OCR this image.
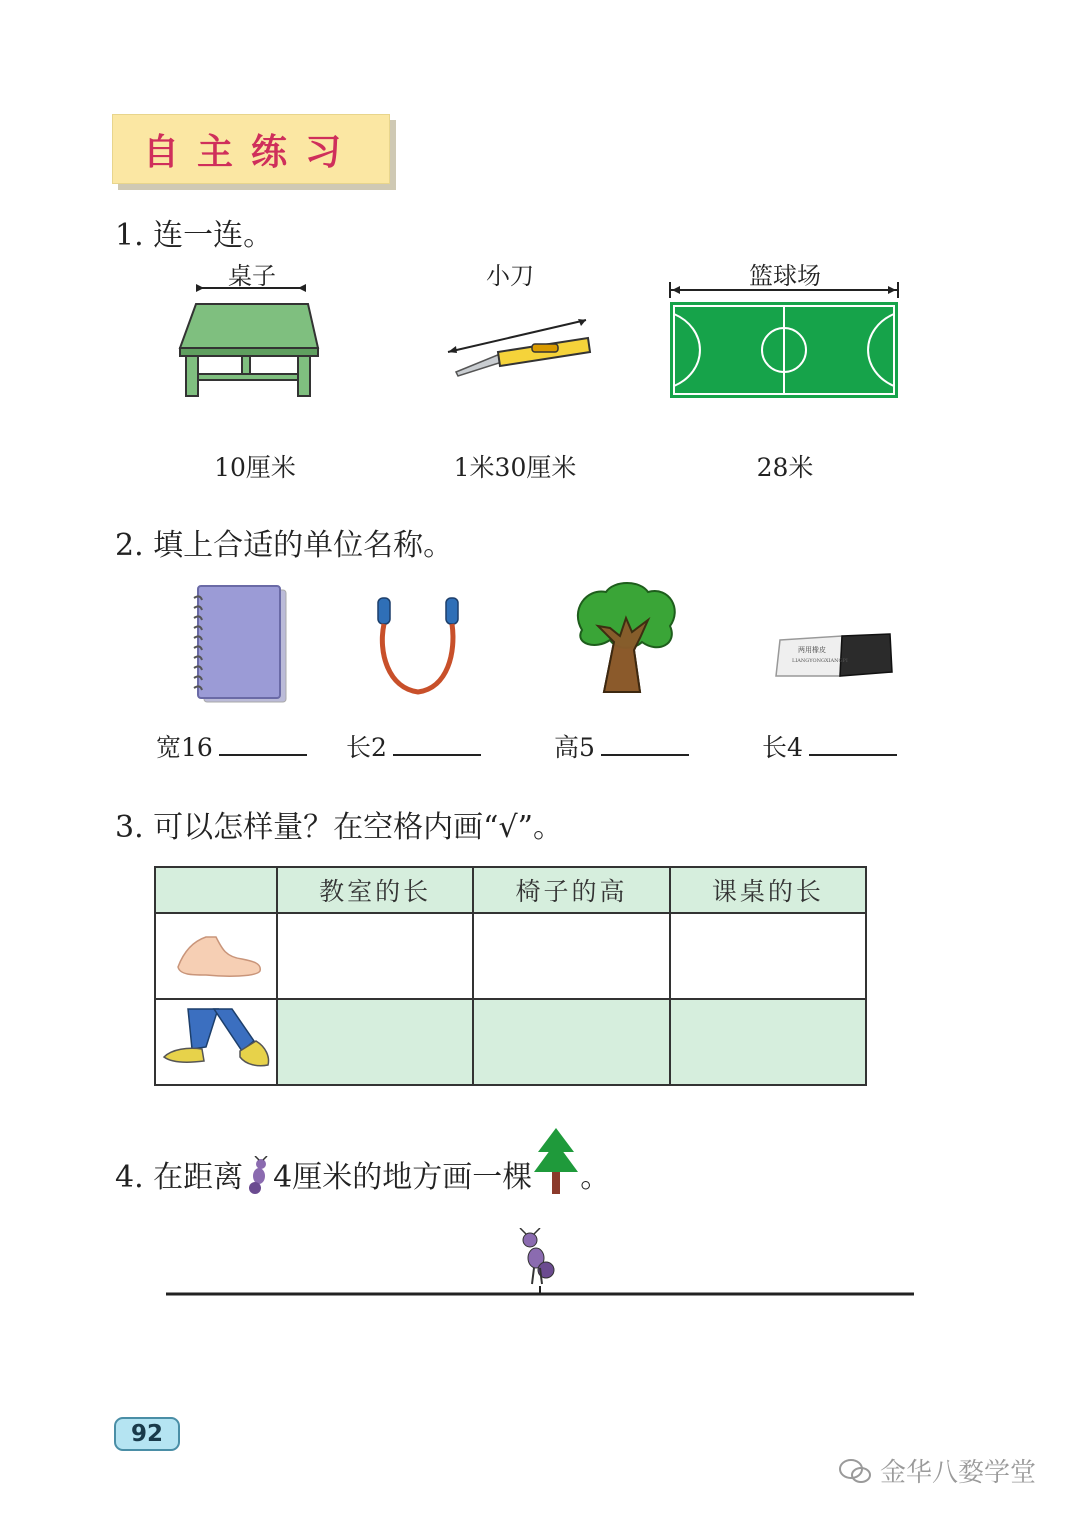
自主练习
1. 连一连。
桌子	小刀	篮球场
10厘米	1米30厘米	28米
2. 填上合适的单位名称。
两用橡皮
LIANGYONGXIANGPI
宽16	长2	高5	长4
3. 可以怎样量？在空格内画“√”。
	教室的长	椅子的高	课桌的长

4. 在距离 4厘米的地方画一棵 。
92
金华八婺学堂
